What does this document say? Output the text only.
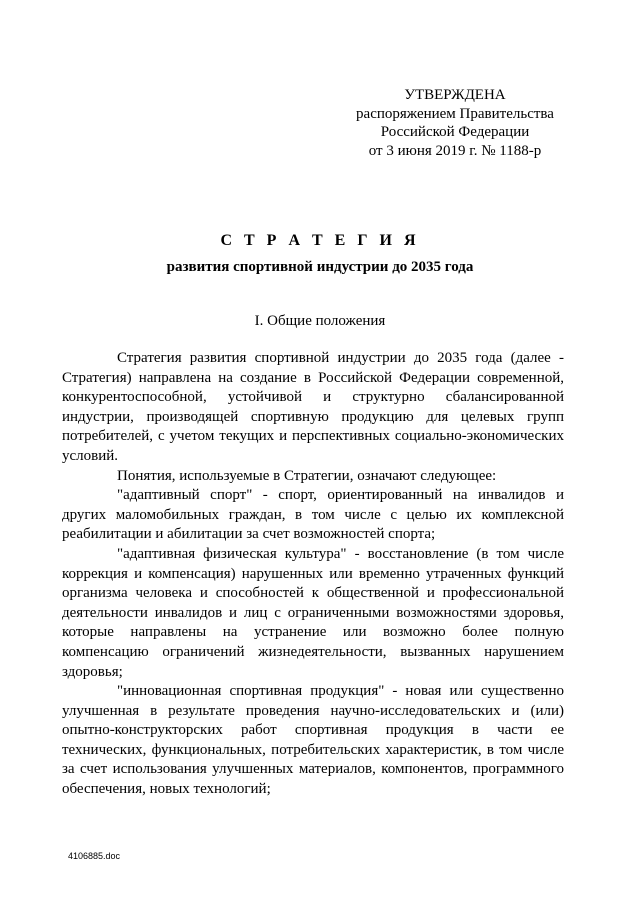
УТВЕРЖДЕНА
распоряжением Правительства
Российской Федерации
от 3 июня 2019 г. № 1188-р
С Т Р А Т Е Г И Я
развития спортивной индустрии до 2035 года
I. Общие положения

Стратегия развития спортивной индустрии до 2035 года (далее - Стратегия) направлена на создание в Российской Федерации современной, конкурентоспособной, устойчивой и структурно сбалансированной индустрии, производящей спортивную продукцию для целевых групп потребителей, с учетом текущих и перспективных социально-экономических условий.

Понятия, используемые в Стратегии, означают следующее:

"адаптивный спорт" - спорт, ориентированный на инвалидов и других маломобильных граждан, в том числе с целью их комплексной реабилитации и абилитации за счет возможностей спорта;

"адаптивная физическая культура" - восстановление (в том числе коррекция и компенсация) нарушенных или временно утраченных функций организма человека и способностей к общественной и профессиональной деятельности инвалидов и лиц с ограниченными возможностями здоровья, которые направлены на устранение или возможно более полную компенсацию ограничений жизнедеятельности, вызванных нарушением здоровья;

"инновационная спортивная продукция" - новая или существенно улучшенная в результате проведения научно-исследовательских и (или) опытно-конструкторских работ спортивная продукция в части ее технических, функциональных, потребительских характеристик, в том числе за счет использования улучшенных материалов, компонентов, программного обеспечения, новых технологий;

4106885.doc
